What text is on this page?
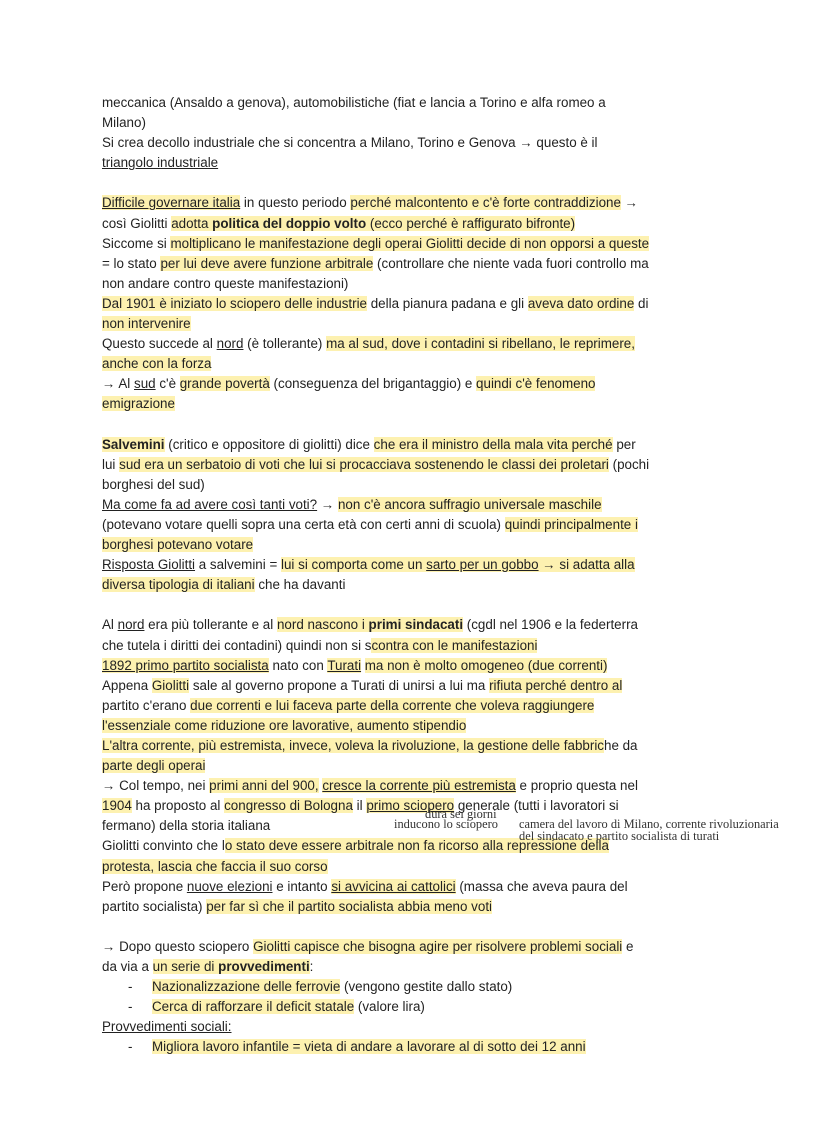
meccanica (Ansaldo a genova), automobilistiche (fiat e lancia a Torino e alfa romeo a
Milano)
Si crea decollo industriale che si concentra a Milano, Torino e Genova → questo è il
triangolo industriale
Difficile governare italia in questo periodo perché malcontento e c'è forte contraddizione →
così Giolitti adotta politica del doppio volto (ecco perché è raffigurato bifronte)
Siccome si moltiplicano le manifestazione degli operai Giolitti decide di non opporsi a queste
= lo stato per lui deve avere funzione arbitrale (controllare che niente vada fuori controllo ma
non andare contro queste manifestazioni)
Dal 1901 è iniziato lo sciopero delle industrie della pianura padana e gli aveva dato ordine di
non intervenire
Questo succede al nord (è tollerante) ma al sud, dove i contadini si ribellano, le reprimere,
anche con la forza
→ Al sud c'è grande povertà (conseguenza del brigantaggio) e quindi c'è fenomeno
emigrazione
Salvemini (critico e oppositore di giolitti) dice che era il ministro della mala vita perché per
lui sud era un serbatoio di voti che lui si procacciava sostenendo le classi dei proletari (pochi
borghesi del sud)
Ma come fa ad avere così tanti voti? → non c'è ancora suffragio universale maschile
(potevano votare quelli sopra una certa età con certi anni di scuola) quindi principalmente i
borghesi potevano votare
Risposta Giolitti a salvemini = lui si comporta come un sarto per un gobbo → si adatta alla
diversa tipologia di italiani che ha davanti
Al nord era più tollerante e al nord nascono i primi sindacati (cgdl nel 1906 e la federterra
che tutela i diritti dei contadini) quindi non si scontra con le manifestazioni
1892 primo partito socialista nato con Turati ma non è molto omogeneo (due correnti)
Appena Giolitti sale al governo propone a Turati di unirsi a lui ma rifiuta perché dentro al
partito c'erano due correnti e lui faceva parte della corrente che voleva raggiungere
l'essenziale come riduzione ore lavorative, aumento stipendio
L'altra corrente, più estremista, invece, voleva la rivoluzione, la gestione delle fabbriche da
parte degli operai
→ Col tempo, nei primi anni del 900, cresce la corrente più estremista e proprio questa nel
1904 ha proposto al congresso di Bologna il primo sciopero generale (tutti i lavoratori si
fermano) della storia italiana
Giolitti convinto che lo stato deve essere arbitrale non fa ricorso alla repressione della
protesta, lascia che faccia il suo corso
Però propone nuove elezioni e intanto si avvicina ai cattolici (massa che aveva paura del
partito socialista) per far sì che il partito socialista abbia meno voti
→ Dopo questo sciopero Giolitti capisce che bisogna agire per risolvere problemi sociali e
da via a un serie di provvedimenti:
- Nazionalizzazione delle ferrovie (vengono gestite dallo stato)
- Cerca di rafforzare il deficit statale (valore lira)
Provvedimenti sociali:
- Migliora lavoro infantile = vieta di andare a lavorare al di sotto dei 12 anni
dura sei giorni
inducono lo sciopero camera del lavoro di Milano, corrente rivoluzionaria
del sindacato e partito socialista di turati
